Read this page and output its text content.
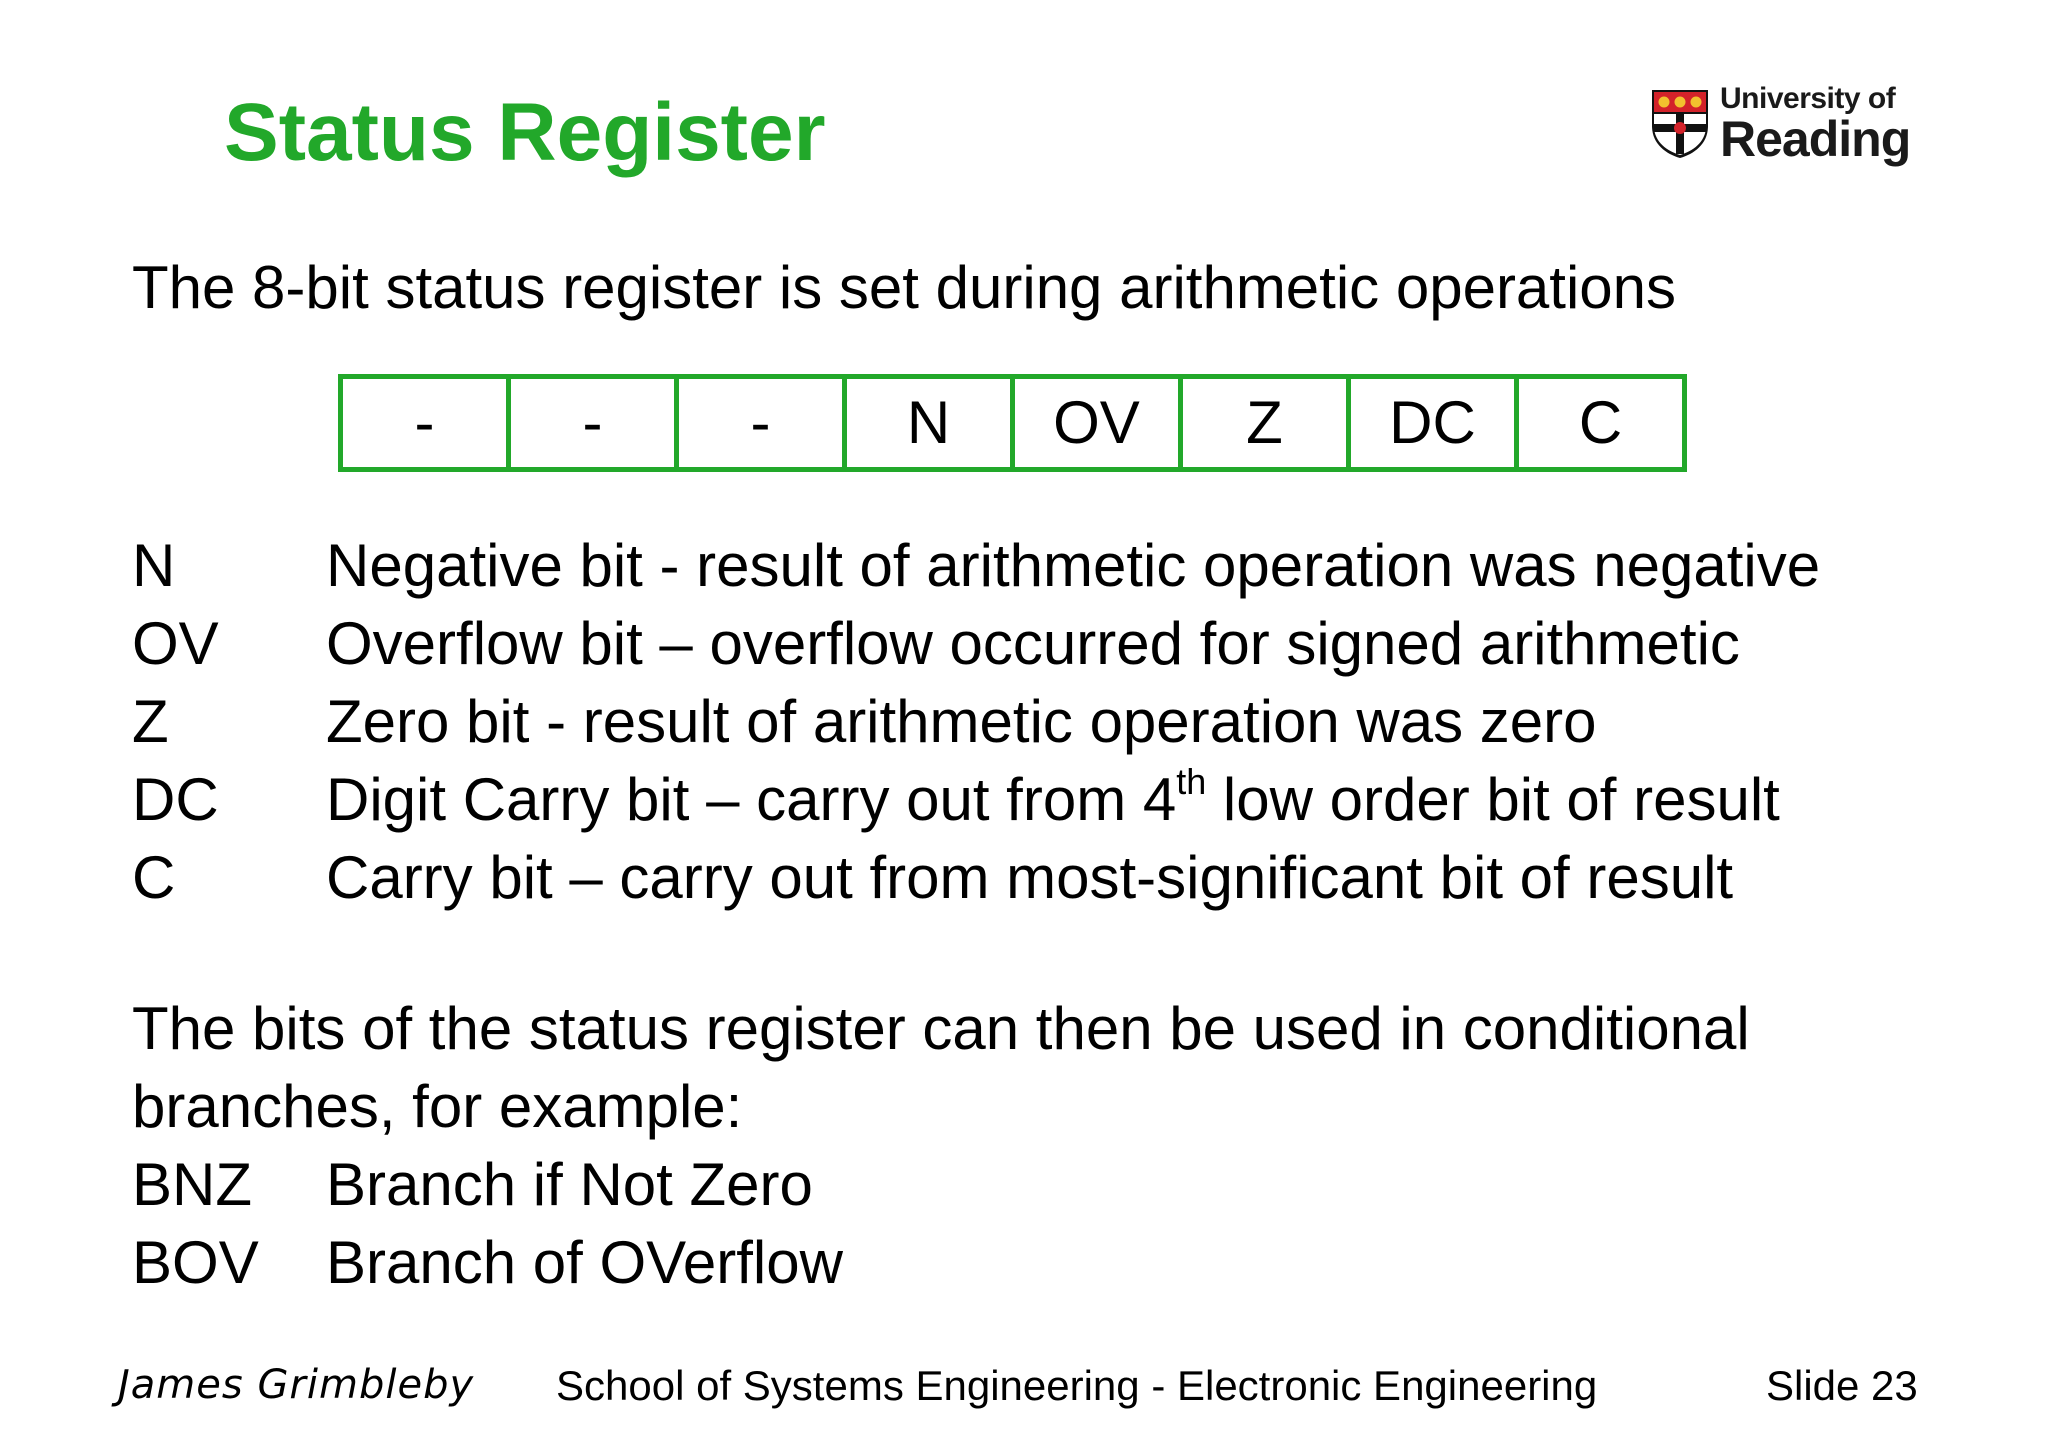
Status Register	University of
Reading
The 8-bit status register is set during arithmetic operations
-	-	-	N	OV	Z	DC	C
N	Negative bit - result of arithmetic operation was negative
OV	Overflow bit – overflow occurred for signed arithmetic
Z	Zero bit - result of arithmetic operation was zero
DC	Digit Carry bit – carry out from 4th low order bit of result
C	Carry bit – carry out from most-significant bit of result
The bits of the status register can then be used in conditional
branches, for example:
BNZ	Branch if Not Zero
BOV	Branch of OVerflow
James Grimbleby School of Systems Engineering - Electronic Engineering	Slide 23
